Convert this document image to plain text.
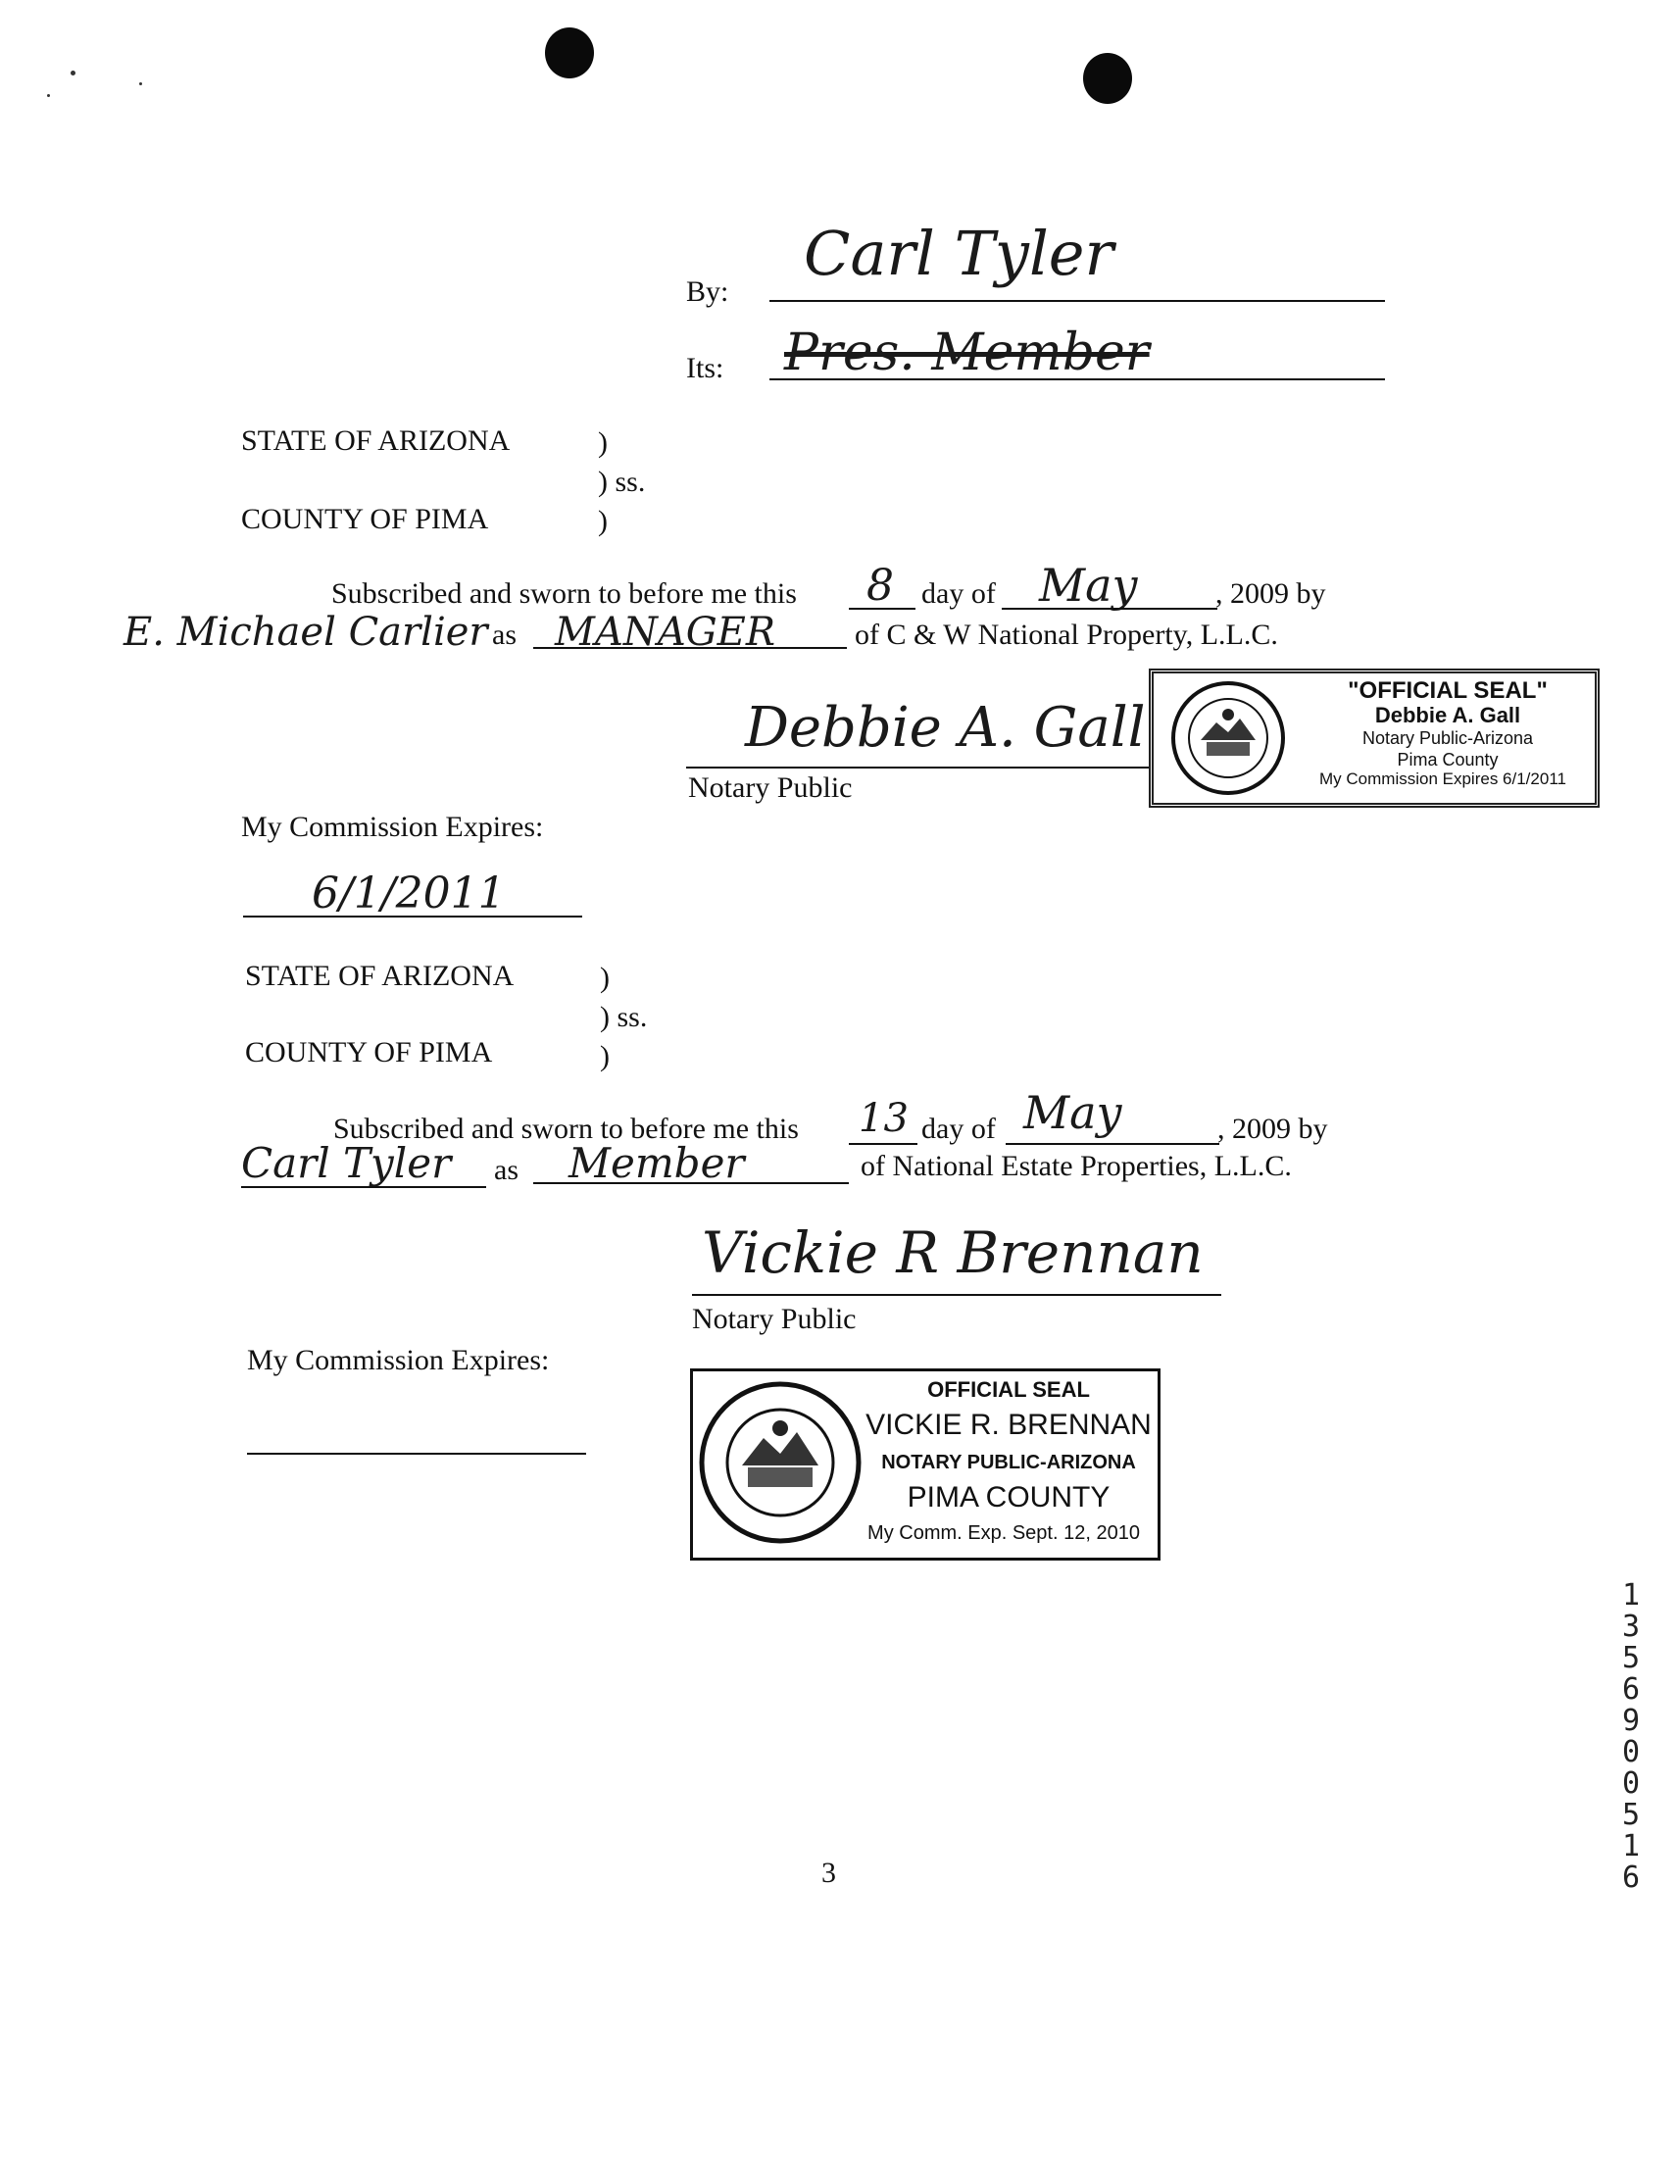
By:
Carl Tyler
Its: Pres. Member
STATE OF ARIZONA	)
) ss.
COUNTY OF PIMA	)
Subscribed and sworn to before me this 8 day of May	, 2009 by
E. Michael Carlier as MANAGER	of C & W National Property, L.L.C.
Debbie A. Gall
Notary Public
"OFFICIAL SEAL"
Debbie A. Gall
Notary Public-Arizona
Pima County
My Commission Expires 6/1/2011
My Commission Expires:
6/1/2011
STATE OF ARIZONA	)
) ss.
COUNTY OF PIMA	)
Subscribed and sworn to before me this 13 day of May	, 2009 by
Carl Tyler as Member	of National Estate Properties, L.L.C.
Vickie R Brennan
Notary Public
My Commission Expires:
OFFICIAL SEAL
VICKIE R. BRENNAN
NOTARY PUBLIC-ARIZONA
PIMA COUNTY
My Comm. Exp. Sept. 12, 2010
3
13569 00516
